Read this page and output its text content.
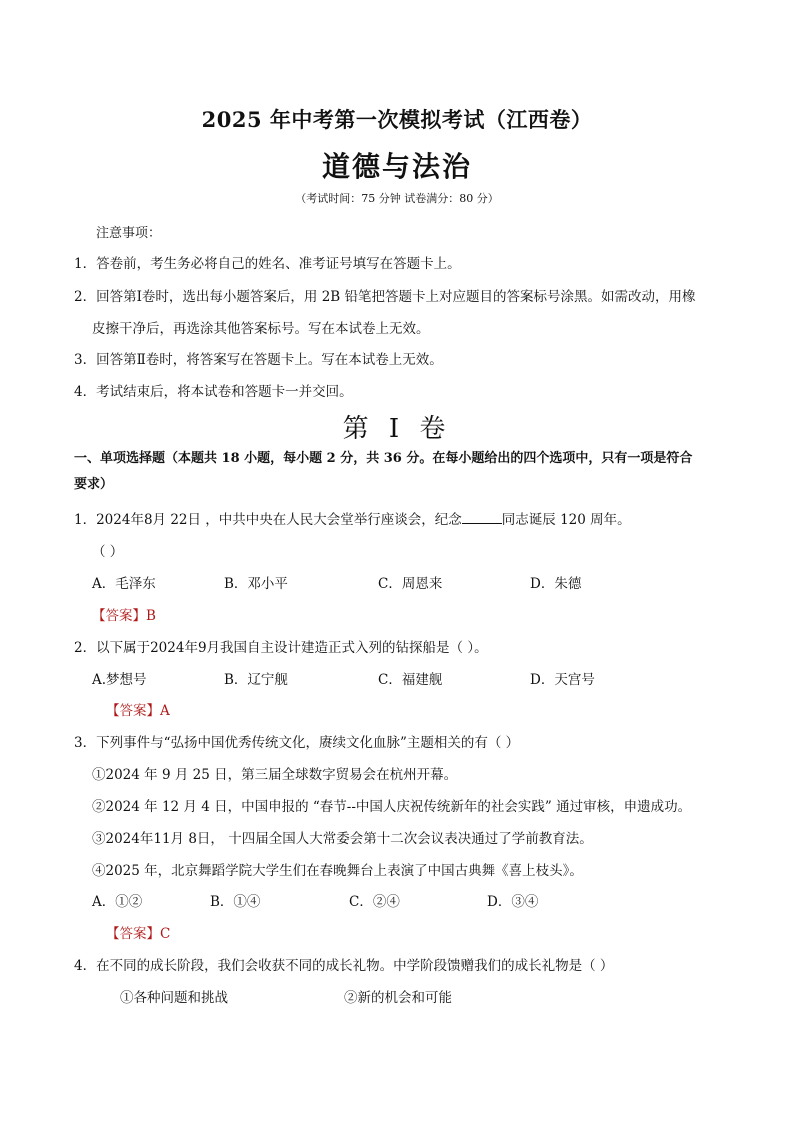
2025 年中考第一次模拟考试（江西卷）
道德与法治
（考试时间：75 分钟 试卷满分：80 分）
注意事项：
1．答卷前，考生务必将自己的姓名、准考证号填写在答题卡上。
2．回答第Ⅰ卷时，选出每小题答案后，用 2B 铅笔把答题卡上对应题目的答案标号涂黑。如需改动，用橡
皮擦干净后，再选涂其他答案标号。写在本试卷上无效。
3．回答第Ⅱ卷时，将答案写在答题卡上。写在本试卷上无效。
4．考试结束后，将本试卷和答题卡一并交回。
第 I 卷
一、单项选择题（本题共 18 小题，每小题 2 分，共 36 分。在每小题给出的四个选项中，只有一项是符合
要求）
1．2024年8月 22日 ，中共中央在人民大会堂举行座谈会，纪念	同志诞辰 120 周年。
（ ）
A．毛泽东	B．邓小平	C．周恩来	D．朱德
【答案】B
2．以下属于2024年9月我国自主设计建造正式入列的钻探船是（ ）。
A.梦想号	B．辽宁舰	C．福建舰	D．天宫号
【答案】A
3．下列事件与“弘扬中国优秀传统文化，赓续文化血脉”主题相关的有（ ）
①2024 年 9 月 25 日，第三届全球数字贸易会在杭州开幕。
②2024 年 12 月 4 日，中国申报的 “春节--中国人庆祝传统新年的社会实践” 通过审核，申遗成功。
③2024年11月 8日， 十四届全国人大常委会第十二次会议表决通过了学前教育法。
④2025 年，北京舞蹈学院大学生们在春晚舞台上表演了中国古典舞《喜上枝头》。
A．①②	B．①④	C．②④	D．③④
【答案】C
4．在不同的成长阶段，我们会收获不同的成长礼物。中学阶段馈赠我们的成长礼物是（ ）
①各种问题和挑战	②新的机会和可能
